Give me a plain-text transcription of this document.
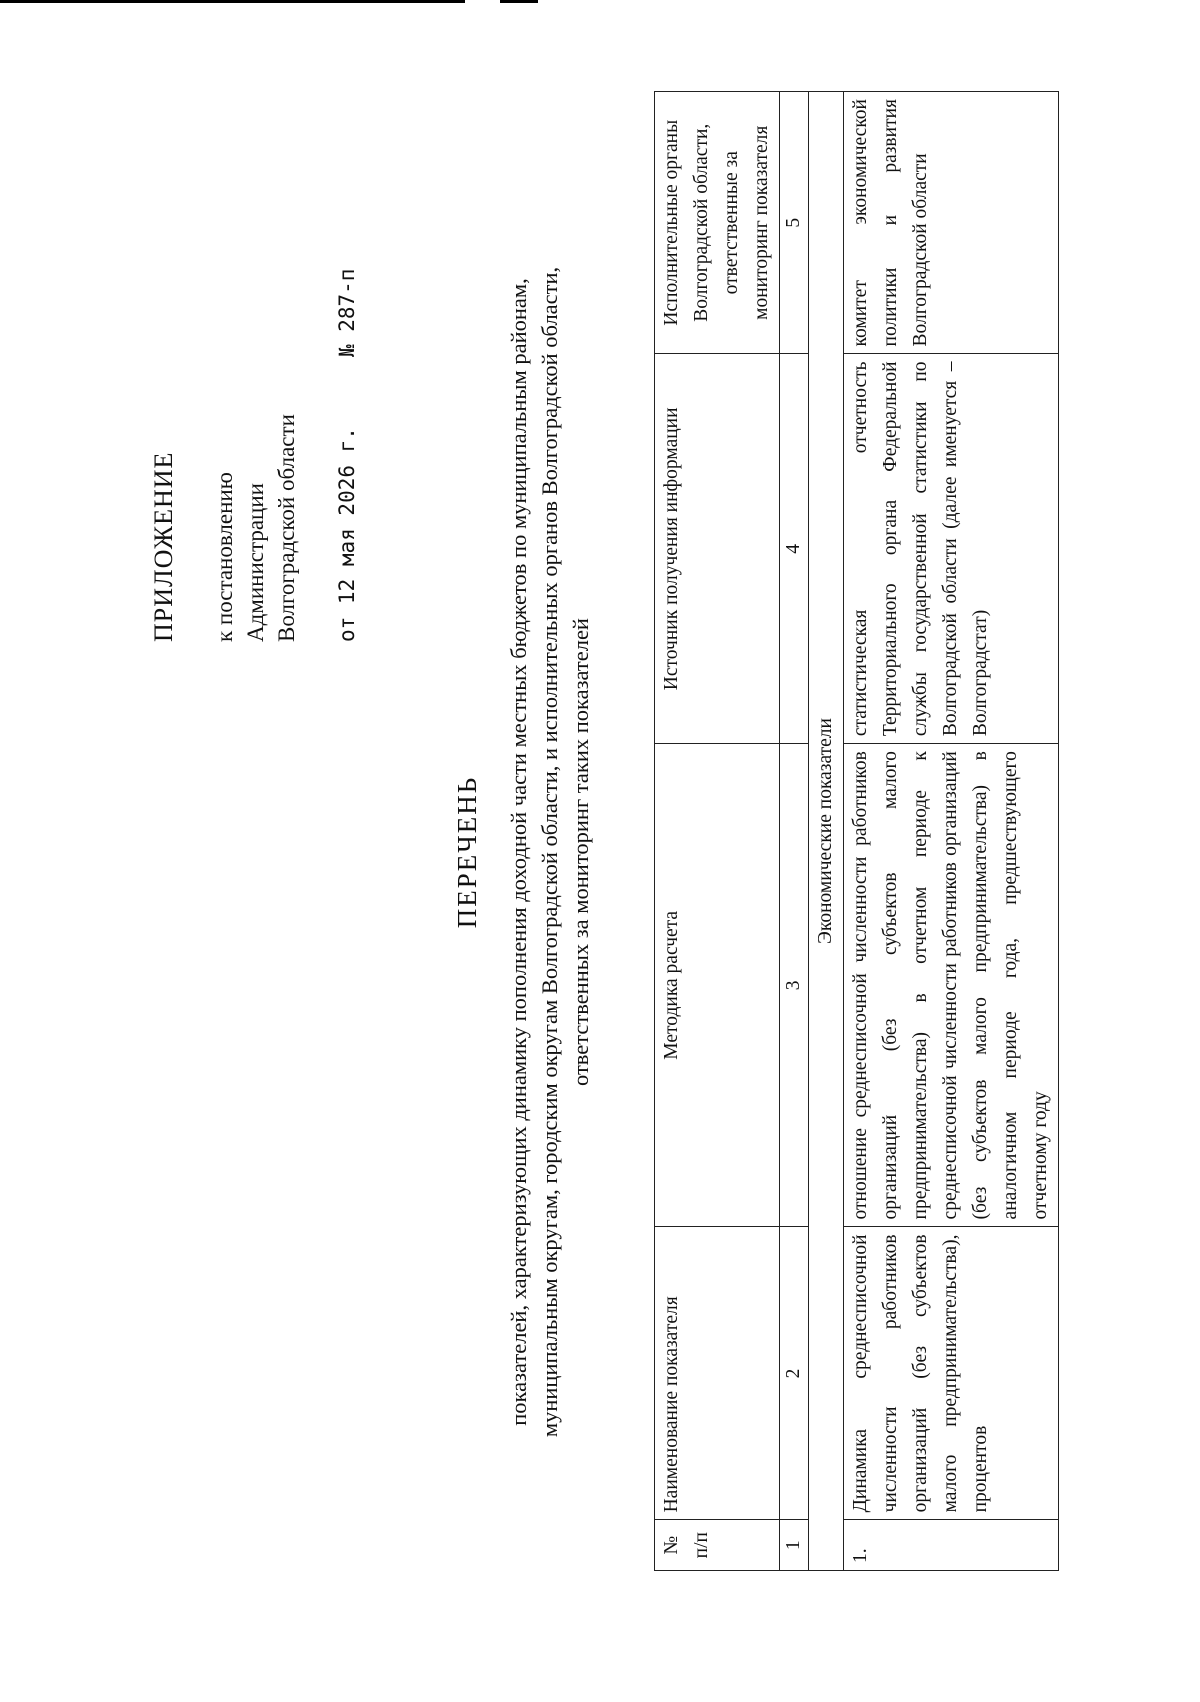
ПРИЛОЖЕНИЕ к постановлению Администрации Волгоградской области от 12 мая 2026 г.
№ 287-п
ПЕРЕЧЕНЬ показателей, характеризующих динамику пополнения доходной части местных бюджетов по муниципальным районам, муниципальным округам, городским округам Волгоградской области, и исполнительных органов Волгоградской области, ответственных за мониторинг таких показателей
№ п/п	Наименование показателя	Методика расчета	Источник получения информации	Исполнительные органы Волгоградской области, ответственные за мониторинг показателя
1	2	3	4	5
Экономические показатели				
1.	Динамика среднесписочной численности работников организаций (без субъектов малого предпринимательства), процентов	отношение среднесписочной численности работников организаций (без субъектов малого предпринимательства) в отчетном периоде к среднесписочной численности работников организаций (без субъектов малого предпринимательства) в аналогичном периоде года, предшествующего отчетному году	статистическая отчетность Территориального органа Федеральной службы государственной статистики по Волгоградской области (далее именуется – Волгоградстат)	комитет экономической политики и развития Волгоградской области
